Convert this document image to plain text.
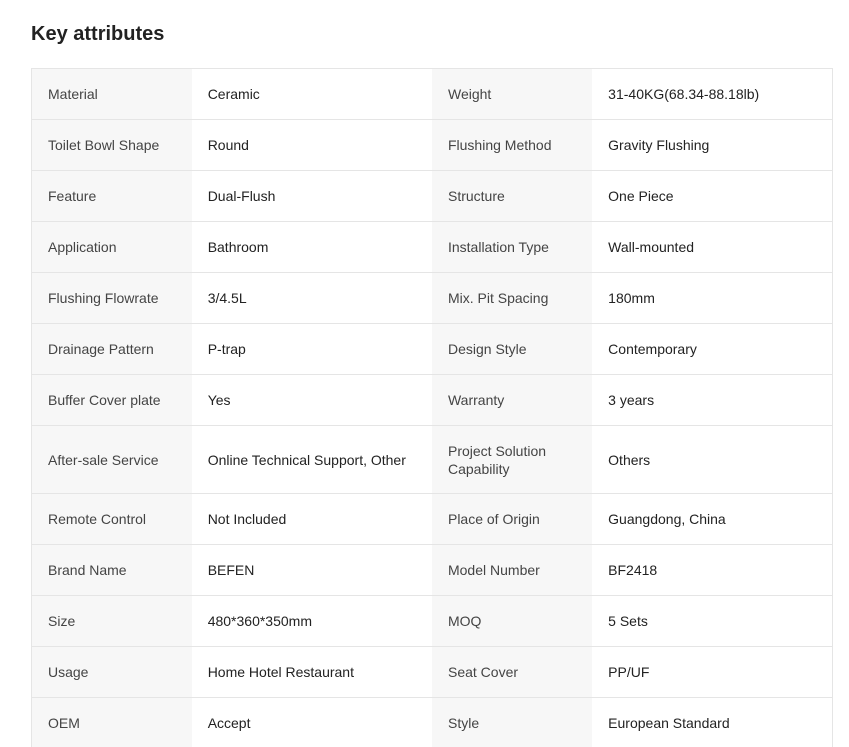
Key attributes
Material	Ceramic	Weight	31-40KG(68.34-88.18lb)
Toilet Bowl Shape	Round	Flushing Method	Gravity Flushing
Feature	Dual-Flush	Structure	One Piece
Application	Bathroom	Installation Type	Wall-mounted
Flushing Flowrate	3/4.5L	Mix. Pit Spacing	180mm
Drainage Pattern	P-trap	Design Style	Contemporary
Buffer Cover plate	Yes	Warranty	3 years
After-sale Service	Online Technical Support, Other	Project Solution Capability	Others
Remote Control	Not Included	Place of Origin	Guangdong, China
Brand Name	BEFEN	Model Number	BF2418
Size	480*360*350mm	MOQ	5 Sets
Usage	Home Hotel Restaurant	Seat Cover	PP/UF
OEM	Accept	Style	European Standard
